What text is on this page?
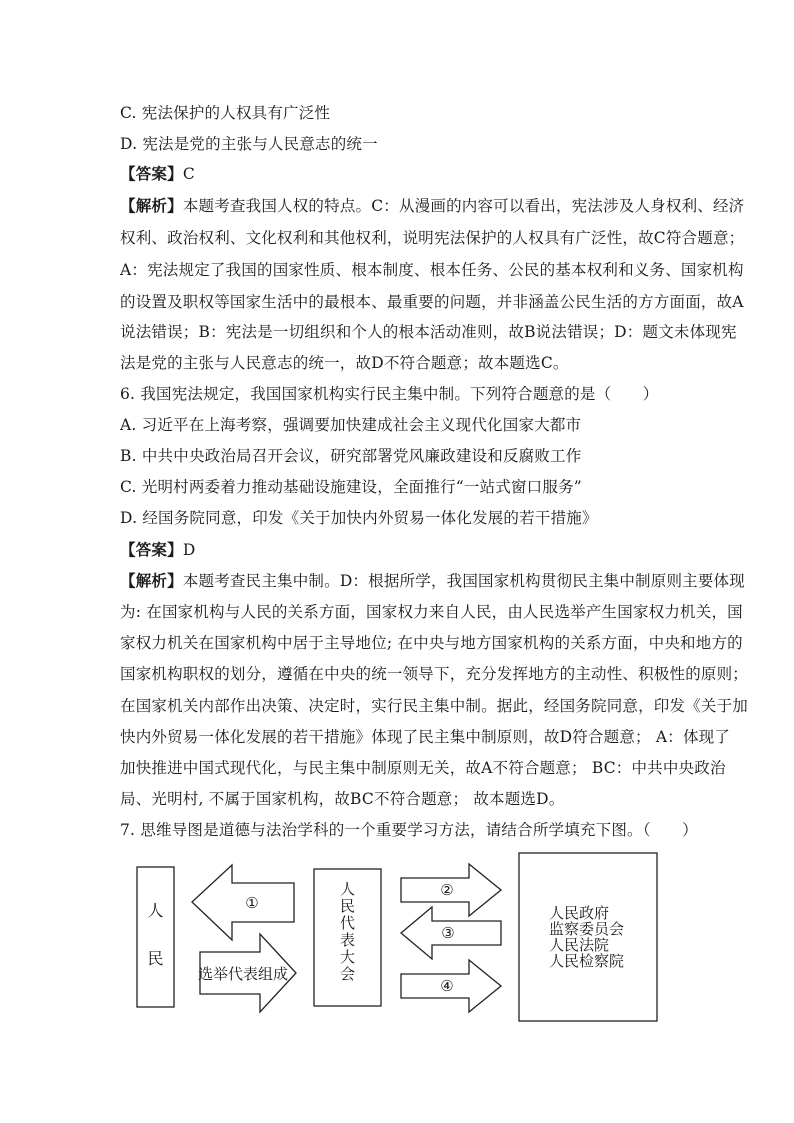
C. 宪法保护的人权具有广泛性
D. 宪法是党的主张与人民意志的统一
【答案】C
【解析】本题考查我国人权的特点。C：从漫画的内容可以看出，宪法涉及人身权利、经济
权利、政治权利、文化权利和其他权利，说明宪法保护的人权具有广泛性，故C符合题意；
A：宪法规定了我国的国家性质、根本制度、根本任务、公民的基本权利和义务、国家机构
的设置及职权等国家生活中的最根本、最重要的问题，并非涵盖公民生活的方方面面，故A
说法错误；B：宪法是一切组织和个人的根本活动准则，故B说法错误；D：题文未体现宪
法是党的主张与人民意志的统一，故D不符合题意；故本题选C。
6. 我国宪法规定，我国国家机构实行民主集中制。下列符合题意的是（　　）
A. 习近平在上海考察，强调要加快建成社会主义现代化国家大都市
B. 中共中央政治局召开会议，研究部署党风廉政建设和反腐败工作
C. 光明村两委着力推动基础设施建设，全面推行“一站式窗口服务”
D. 经国务院同意，印发《关于加快内外贸易一体化发展的若干措施》
【答案】D
【解析】本题考查民主集中制。D：根据所学，我国国家机构贯彻民主集中制原则主要体现
为: 在国家机构与人民的关系方面，国家权力来自人民，由人民选举产生国家权力机关，国
家权力机关在国家机构中居于主导地位; 在中央与地方国家机构的关系方面，中央和地方的
国家机构职权的划分，遵循在中央的统一领导下，充分发挥地方的主动性、积极性的原则；
在国家机关内部作出决策、决定时，实行民主集中制。据此，经国务院同意，印发《关于加
快内外贸易一体化发展的若干措施》体现了民主集中制原则，故D符合题意； A：体现了
加快推进中国式现代化，与民主集中制原则无关，故A不符合题意； BC：中共中央政治
局、光明村, 不属于国家机构，故BC不符合题意； 故本题选D。
7. 思维导图是道德与法治学科的一个重要学习方法，请结合所学填充下图。（　　）
人
民
①
选举代表组成
人
民
代
表
大
会
②
③
④
人民政府
监察委员会
人民法院
人民检察院
